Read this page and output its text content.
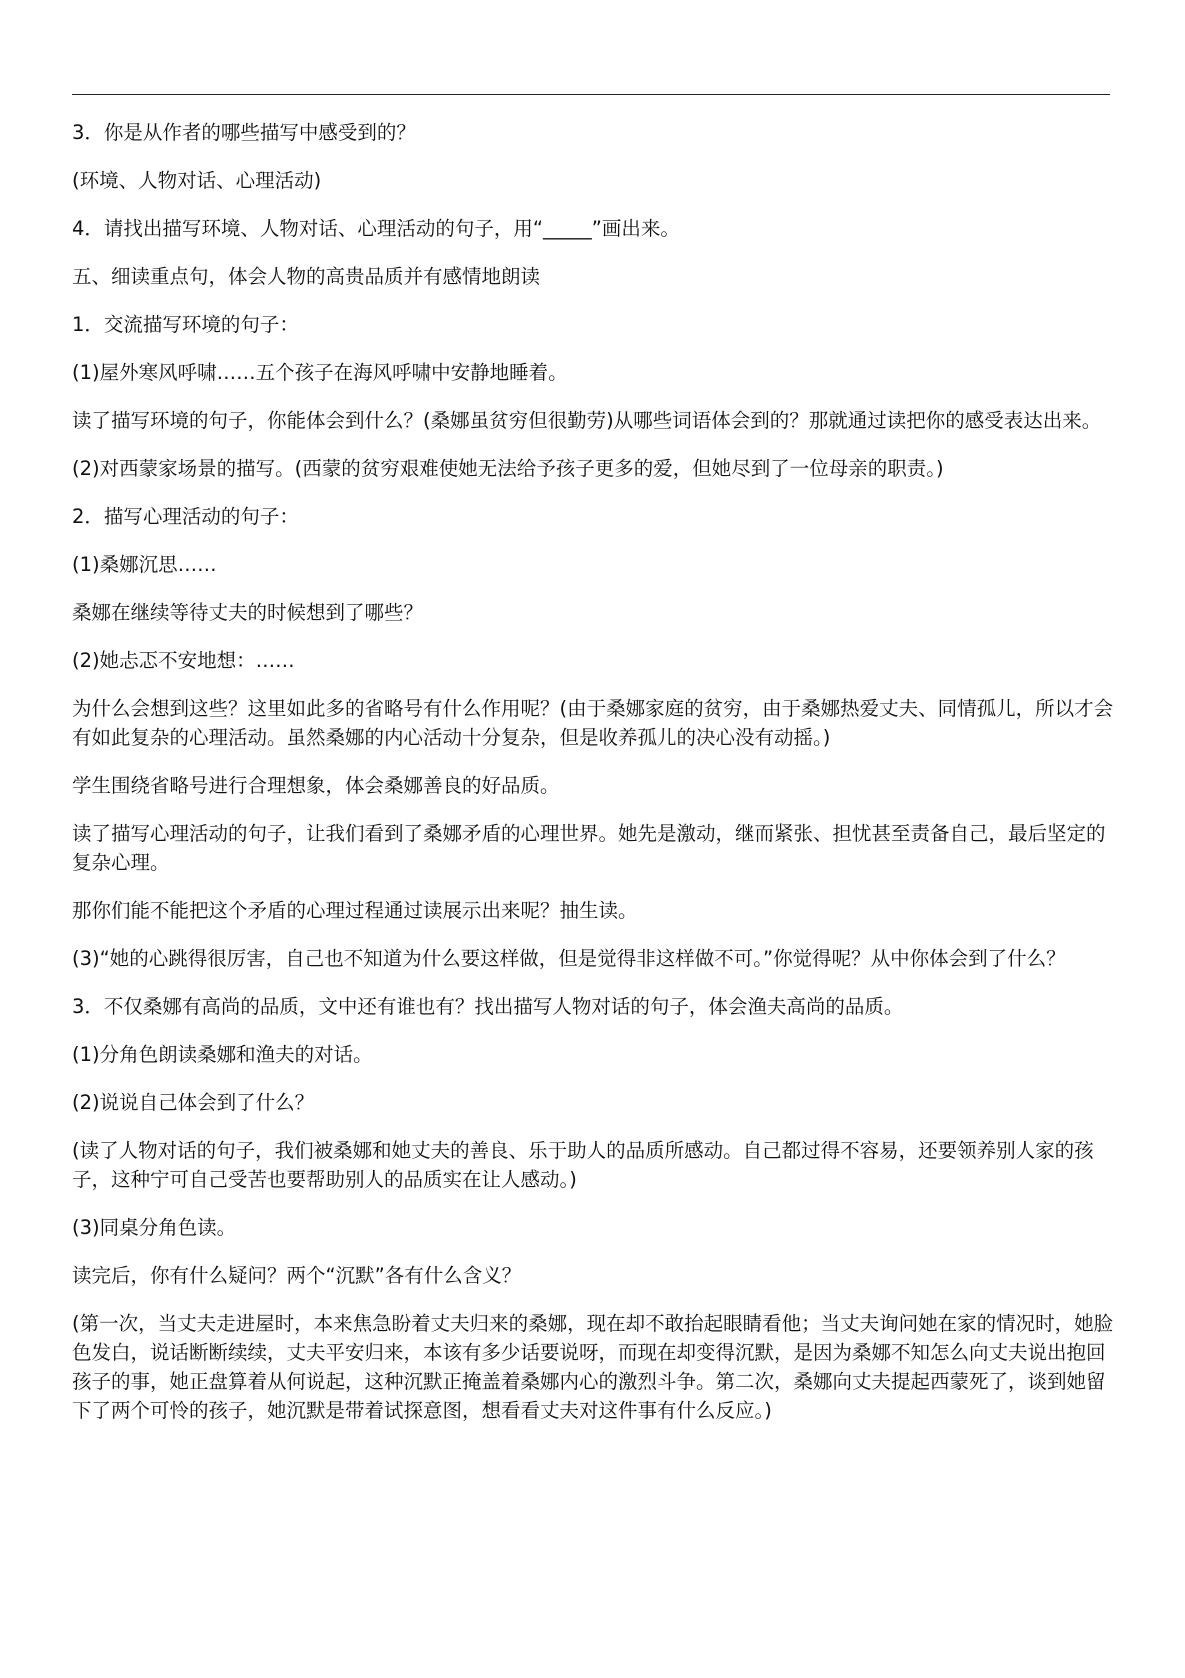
3．你是从作者的哪些描写中感受到的？

(环境、人物对话、心理活动)

4．请找出描写环境、人物对话、心理活动的句子，用“_____”画出来。

五、细读重点句，体会人物的高贵品质并有感情地朗读

1．交流描写环境的句子：

(1)屋外寒风呼啸……五个孩子在海风呼啸中安静地睡着。

读了描写环境的句子，你能体会到什么？(桑娜虽贫穷但很勤劳)从哪些词语体会到的？那就通过读把你的感受表达出来。

(2)对西蒙家场景的描写。(西蒙的贫穷艰难使她无法给予孩子更多的爱，但她尽到了一位母亲的职责。)

2．描写心理活动的句子：

(1)桑娜沉思……

桑娜在继续等待丈夫的时候想到了哪些？

(2)她忐忑不安地想：……

为什么会想到这些？这里如此多的省略号有什么作用呢？(由于桑娜家庭的贫穷，由于桑娜热爱丈夫、同情孤儿，所以才会有如此复杂的心理活动。虽然桑娜的内心活动十分复杂，但是收养孤儿的决心没有动摇。)

学生围绕省略号进行合理想象，体会桑娜善良的好品质。

读了描写心理活动的句子，让我们看到了桑娜矛盾的心理世界。她先是激动，继而紧张、担忧甚至责备自己，最后坚定的复杂心理。

那你们能不能把这个矛盾的心理过程通过读展示出来呢？抽生读。

(3)“她的心跳得很厉害，自己也不知道为什么要这样做，但是觉得非这样做不可。”你觉得呢？从中你体会到了什么？

3．不仅桑娜有高尚的品质，文中还有谁也有？找出描写人物对话的句子，体会渔夫高尚的品质。

(1)分角色朗读桑娜和渔夫的对话。

(2)说说自己体会到了什么？

(读了人物对话的句子，我们被桑娜和她丈夫的善良、乐于助人的品质所感动。自己都过得不容易，还要领养别人家的孩子，这种宁可自己受苦也要帮助别人的品质实在让人感动。)

(3)同桌分角色读。

读完后，你有什么疑问？两个“沉默”各有什么含义？

(第一次，当丈夫走进屋时，本来焦急盼着丈夫归来的桑娜，现在却不敢抬起眼睛看他；当丈夫询问她在家的情况时，她脸色发白，说话断断续续，丈夫平安归来，本该有多少话要说呀，而现在却变得沉默，是因为桑娜不知怎么向丈夫说出抱回孩子的事，她正盘算着从何说起，这种沉默正掩盖着桑娜内心的激烈斗争。第二次，桑娜向丈夫提起西蒙死了，谈到她留下了两个可怜的孩子，她沉默是带着试探意图，想看看丈夫对这件事有什么反应。)
